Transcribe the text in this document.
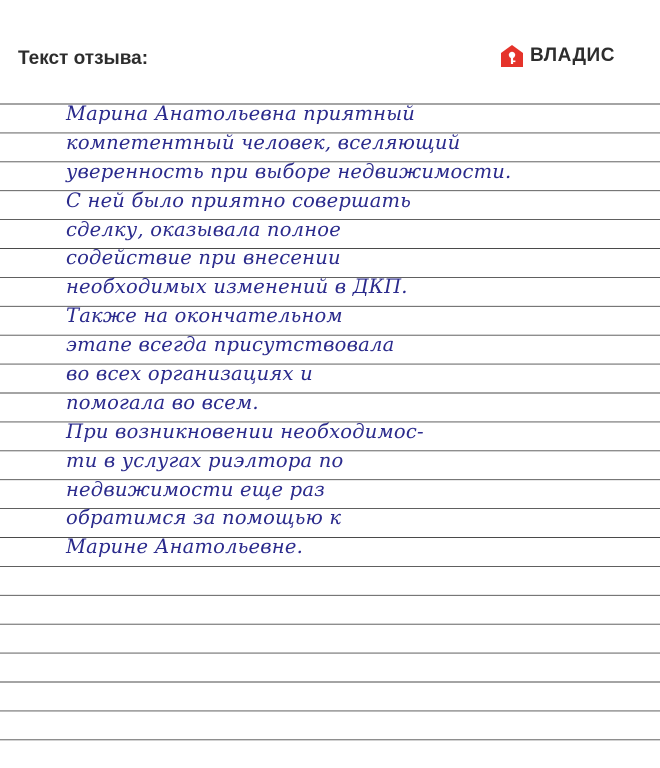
Текст отзыва:	ВЛАДИС
Марина Анатольевна приятный
компетентный человек, вселяющий
уверенность при выборе недвижимости.
С ней было приятно совершать
сделку, оказывала полное
содействие при внесении
необходимых изменений в ДКП.
Также на окончательном
этапе всегда присутствовала
во всех организациях и
помогала во всем.
При возникновении необходимос-
ти в услугах риэлтора по
недвижимости еще раз
обратимся за помощью к
Марине Анатольевне.
